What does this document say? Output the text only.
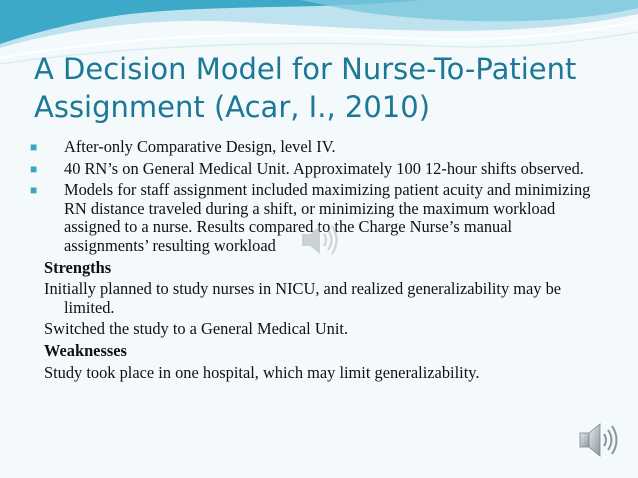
A Decision Model for Nurse-To-Patient Assignment (Acar, I., 2010)
■ After-only Comparative Design, level IV.
■ 40 RN’s on General Medical Unit. Approximately 100 12-hour shifts observed.
■ Models for staff assignment included maximizing patient acuity and minimizing RN distance traveled during a shift, or minimizing the maximum workload assigned to a nurse. Results compared to the Charge Nurse’s manual assignments’ resulting workload
Strengths
Initially planned to study nurses in NICU, and realized generalizability may be limited.
Switched the study to a General Medical Unit.
Weaknesses
Study took place in one hospital, which may limit generalizability.
